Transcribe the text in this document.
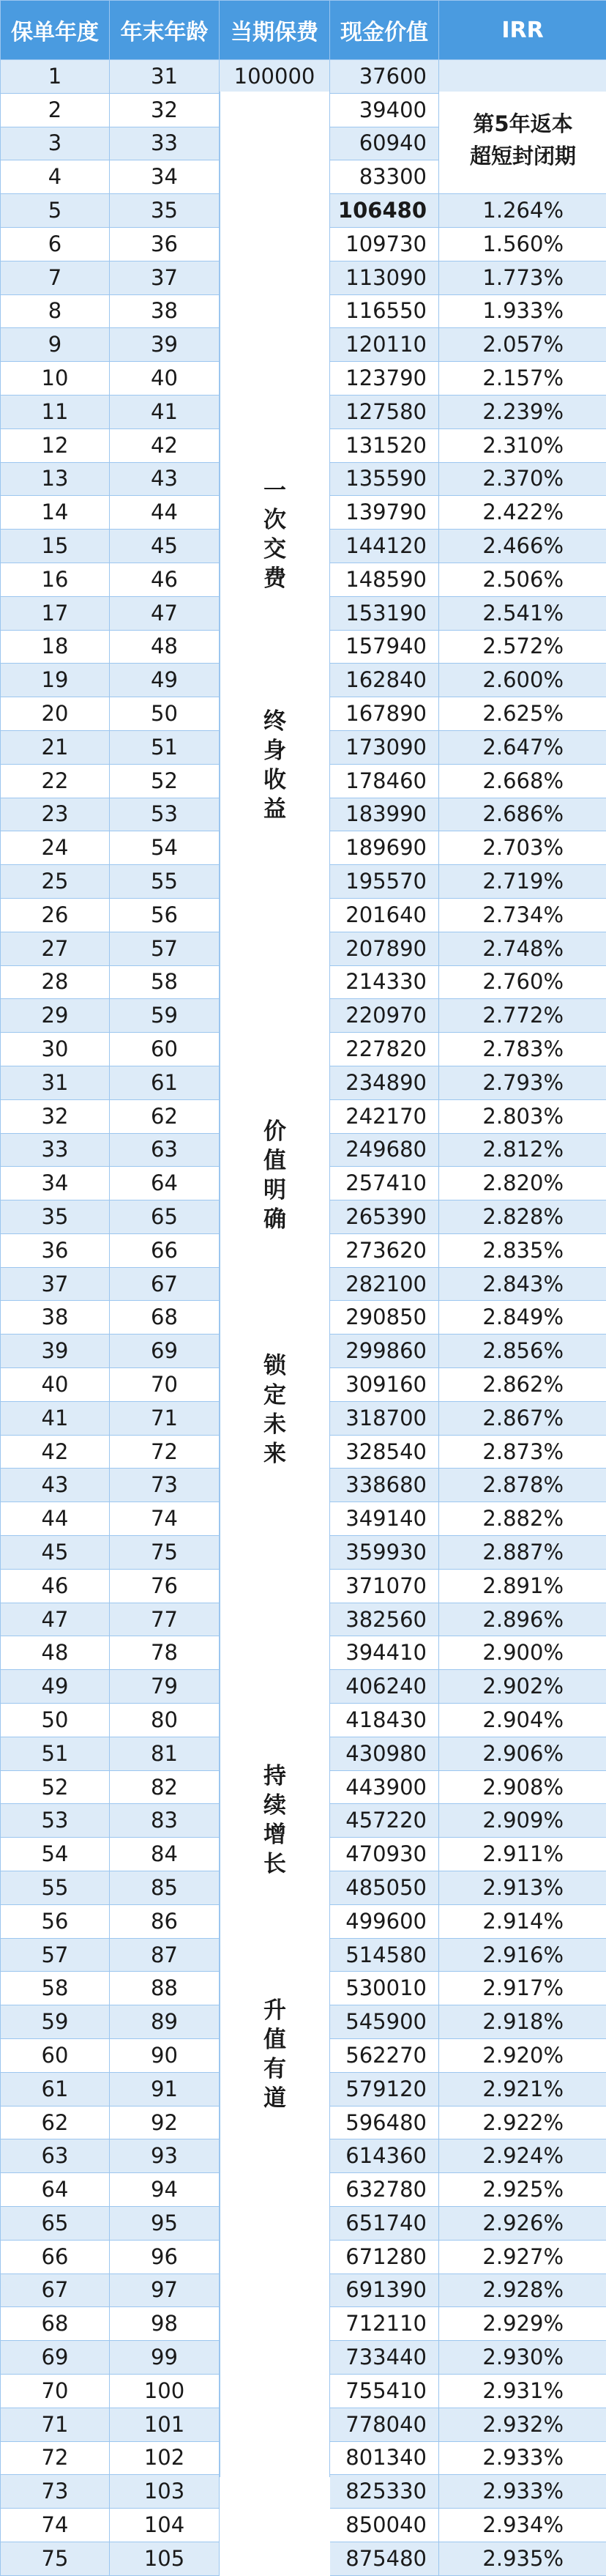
保单年度	年末年龄	当期保费	现金价值	IRR
1	31	100000	37600	
2	32		39400	
3	33		60940	
4	34		83300	
5	35		106480	1.264%
6	36		109730	1.560%
7	37		113090	1.773%
8	38		116550	1.933%
9	39		120110	2.057%
10	40		123790	2.157%
11	41		127580	2.239%
12	42		131520	2.310%
13	43		135590	2.370%
14	44		139790	2.422%
15	45		144120	2.466%
16	46		148590	2.506%
17	47		153190	2.541%
18	48		157940	2.572%
19	49		162840	2.600%
20	50		167890	2.625%
21	51		173090	2.647%
22	52		178460	2.668%
23	53		183990	2.686%
24	54		189690	2.703%
25	55		195570	2.719%
26	56		201640	2.734%
27	57		207890	2.748%
28	58		214330	2.760%
29	59		220970	2.772%
30	60		227820	2.783%
31	61		234890	2.793%
32	62		242170	2.803%
33	63		249680	2.812%
34	64		257410	2.820%
35	65		265390	2.828%
36	66		273620	2.835%
37	67		282100	2.843%
38	68		290850	2.849%
39	69		299860	2.856%
40	70		309160	2.862%
41	71		318700	2.867%
42	72		328540	2.873%
43	73		338680	2.878%
44	74		349140	2.882%
45	75		359930	2.887%
46	76		371070	2.891%
47	77		382560	2.896%
48	78		394410	2.900%
49	79		406240	2.902%
50	80		418430	2.904%
51	81		430980	2.906%
52	82		443900	2.908%
53	83		457220	2.909%
54	84		470930	2.911%
55	85		485050	2.913%
56	86		499600	2.914%
57	87		514580	2.916%
58	88		530010	2.917%
59	89		545900	2.918%
60	90		562270	2.920%
61	91		579120	2.921%
62	92		596480	2.922%
63	93		614360	2.924%
64	94		632780	2.925%
65	95		651740	2.926%
66	96		671280	2.927%
67	97		691390	2.928%
68	98		712110	2.929%
69	99		733440	2.930%
70	100		755410	2.931%
71	101		778040	2.932%
72	102		801340	2.933%
73	103		825330	2.933%
74	104		850040	2.934%
75	105		875480	2.935%
一
次
交
费
终
身
收
益
价
值
明
确
锁
定
未
来
持
续
增
长
升
值
有
道
第5年返本
超短封闭期
